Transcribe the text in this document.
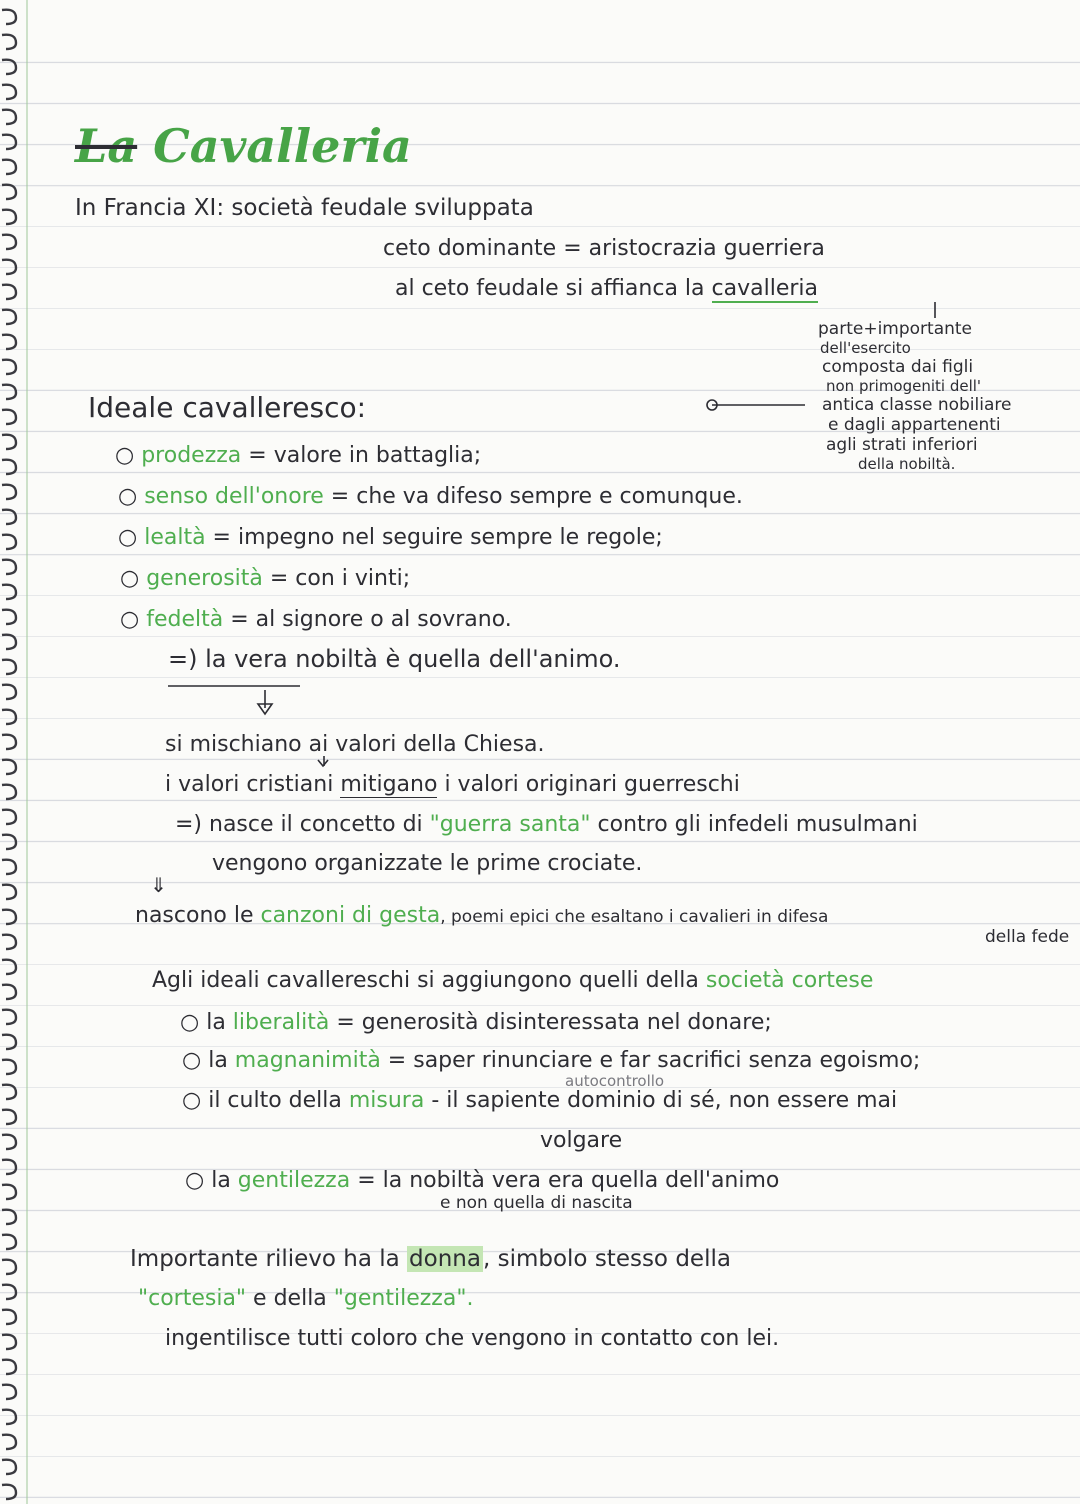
La Cavalleria
In Francia XI: società feudale sviluppata
ceto dominante = aristocrazia guerriera
al ceto feudale si affianca la cavalleria
parte+importante
dell'esercito
composta dai figli
non primogeniti dell'
antica classe nobiliare
e dagli appartenenti
agli strati inferiori
della nobiltà.
Ideale cavalleresco:
○ prodezza = valore in battaglia;
○ senso dell'onore = che va difeso sempre e comunque.
○ lealtà = impegno nel seguire sempre le regole;
○ generosità = con i vinti;
○ fedeltà = al signore o al sovrano.
=) la vera nobiltà è quella dell'animo.
si mischiano ai valori della Chiesa.
i valori cristiani mitigano i valori originari guerreschi
=) nasce il concetto di "guerra santa" contro gli infedeli musulmani
vengono organizzate le prime crociate.
⇓
nascono le canzoni di gesta, poemi epici che esaltano i cavalieri in difesa
della fede
Agli ideali cavallereschi si aggiungono quelli della società cortese
○ la liberalità = generosità disinteressata nel donare;
○ la magnanimità = saper rinunciare e far sacrifici senza egoismo;
autocontrollo
○ il culto della misura - il sapiente dominio di sé, non essere mai
volgare
○ la gentilezza = la nobiltà vera era quella dell'animo
e non quella di nascita
Importante rilievo ha la donna, simbolo stesso della
"cortesia" e della "gentilezza".
ingentilisce tutti coloro che vengono in contatto con lei.
